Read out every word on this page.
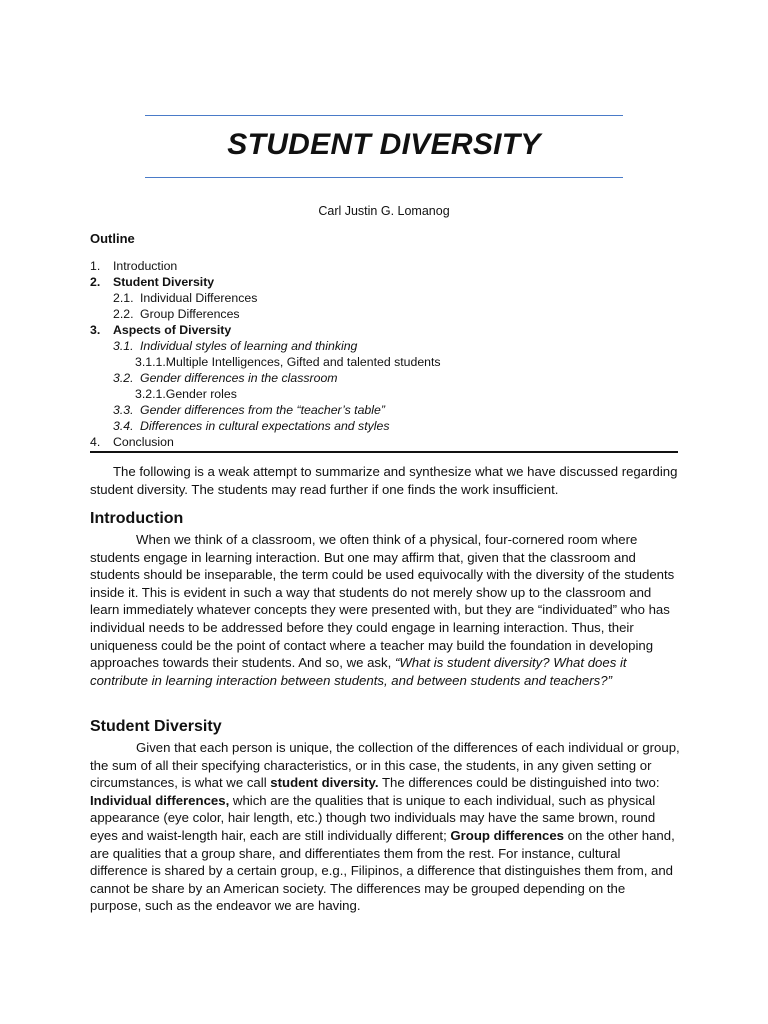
STUDENT DIVERSITY
Carl Justin G. Lomanog
Outline
1. Introduction
2. Student Diversity
2.1. Individual Differences
2.2. Group Differences
3. Aspects of Diversity
3.1. Individual styles of learning and thinking
3.1.1.Multiple Intelligences, Gifted and talented students
3.2. Gender differences in the classroom
3.2.1.Gender roles
3.3. Gender differences from the “teacher’s table”
3.4. Differences in cultural expectations and styles
4. Conclusion

The following is a weak attempt to summarize and synthesize what we have discussed regarding student diversity. The students may read further if one finds the work insufficient.

Introduction

When we think of a classroom, we often think of a physical, four-cornered room where students engage in learning interaction. But one may affirm that, given that the classroom and students should be inseparable, the term could be used equivocally with the diversity of the students inside it. This is evident in such a way that students do not merely show up to the classroom and learn immediately whatever concepts they were presented with, but they are “individuated” who has individual needs to be addressed before they could engage in learning interaction. Thus, their uniqueness could be the point of contact where a teacher may build the foundation in developing approaches towards their students. And so, we ask, “What is student diversity? What does it contribute in learning interaction between students, and between students and teachers?”

Student Diversity

Given that each person is unique, the collection of the differences of each individual or group, the sum of all their specifying characteristics, or in this case, the students, in any given setting or circumstances, is what we call student diversity. The differences could be distinguished into two: Individual differences, which are the qualities that is unique to each individual, such as physical appearance (eye color, hair length, etc.) though two individuals may have the same brown, round eyes and waist-length hair, each are still individually different; Group differences on the other hand, are qualities that a group share, and differentiates them from the rest. For instance, cultural difference is shared by a certain group, e.g., Filipinos, a difference that distinguishes them from, and cannot be share by an American society. The differences may be grouped depending on the purpose, such as the endeavor we are having.
